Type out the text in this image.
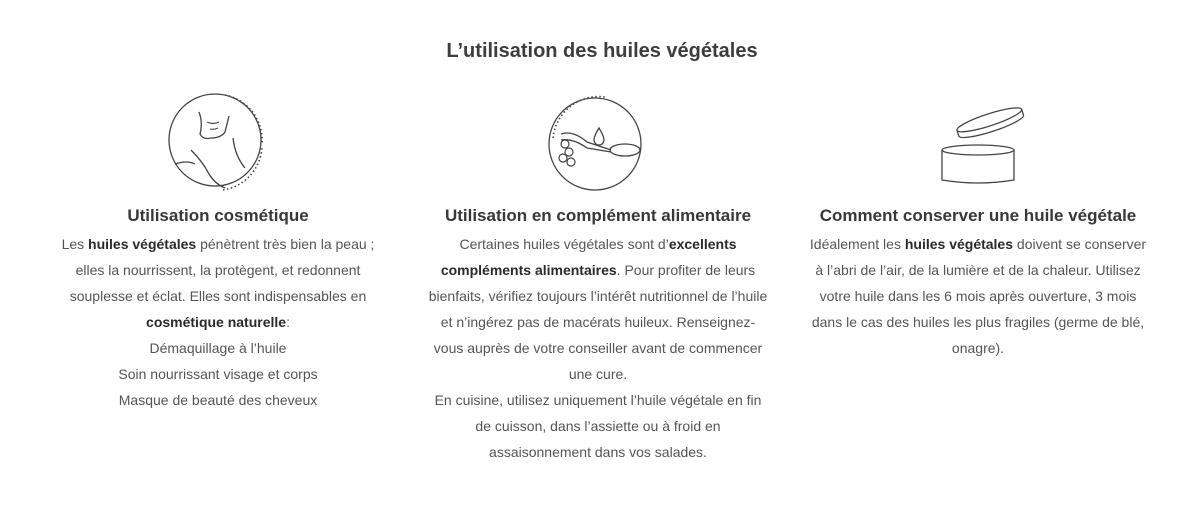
L’utilisation des huiles végétales
Utilisation cosmétique

Les huiles végétales pénètrent très bien la peau ; elles la nourrissent, la protègent, et redonnent souplesse et éclat. Elles sont indispensables en cosmétique naturelle:
Démaquillage à l’huile
Soin nourrissant visage et corps
Masque de beauté des cheveux

Utilisation en complément alimentaire

Certaines huiles végétales sont d’excellents compléments alimentaires. Pour profiter de leurs bienfaits, vérifiez toujours l’intérêt nutritionnel de l’huile et n’ingérez pas de macérats huileux. Renseignez-vous auprès de votre conseiller avant de commencer une cure.
En cuisine, utilisez uniquement l’huile végétale en fin de cuisson, dans l’assiette ou à froid en assaisonnement dans vos salades.

Comment conserver une huile végétale

Idéalement les huiles végétales doivent se conserver à l’abri de l’air, de la lumière et de la chaleur. Utilisez votre huile dans les 6 mois après ouverture, 3 mois dans le cas des huiles les plus fragiles (germe de blé, onagre).
